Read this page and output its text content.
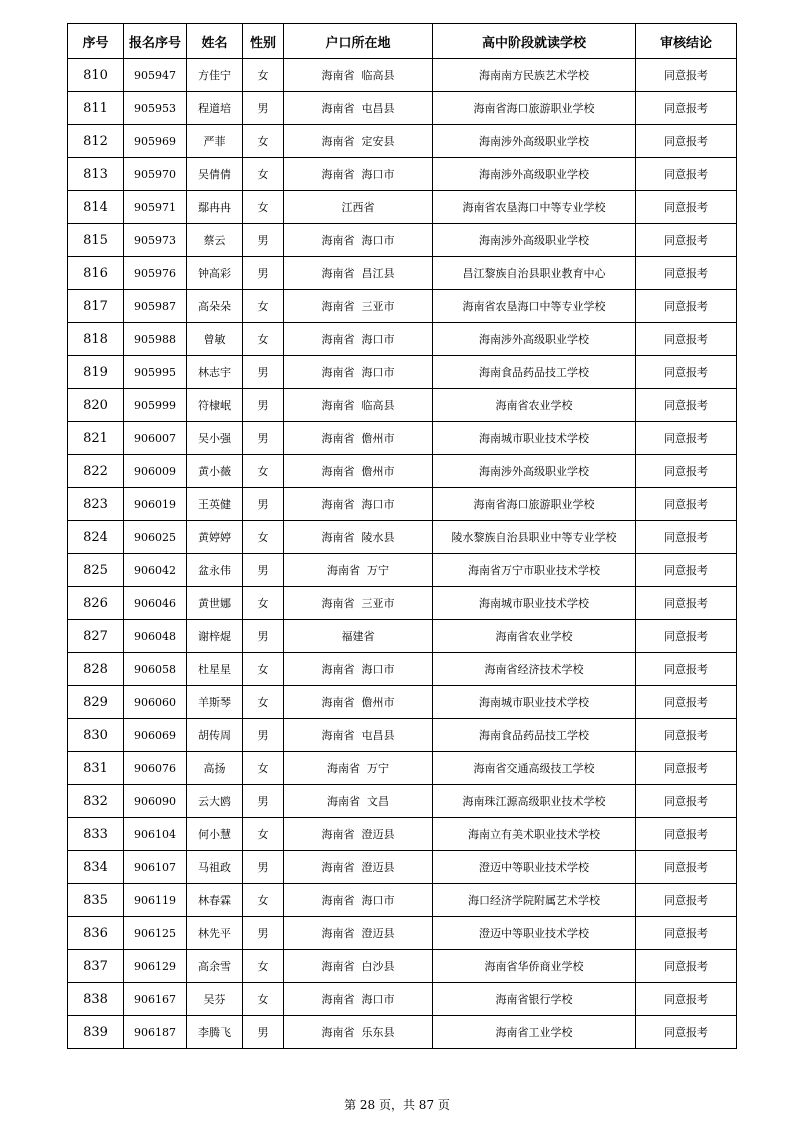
序号	报名序号	姓名	性别	户口所在地	高中阶段就读学校	审核结论
810	905947	方佳宁	女	海南省  临高县	海南南方民族艺术学校	同意报考
811	905953	程道培	男	海南省  屯昌县	海南省海口旅游职业学校	同意报考
812	905969	严菲	女	海南省  定安县	海南涉外高级职业学校	同意报考
813	905970	吴倩倩	女	海南省  海口市	海南涉外高级职业学校	同意报考
814	905971	鄢冉冉	女	江西省	海南省农垦海口中等专业学校	同意报考
815	905973	蔡云	男	海南省  海口市	海南涉外高级职业学校	同意报考
816	905976	钟高彩	男	海南省  昌江县	昌江黎族自治县职业教育中心	同意报考
817	905987	高朵朵	女	海南省  三亚市	海南省农垦海口中等专业学校	同意报考
818	905988	曾敏	女	海南省  海口市	海南涉外高级职业学校	同意报考
819	905995	林志宇	男	海南省  海口市	海南食品药品技工学校	同意报考
820	905999	符棣岷	男	海南省  临高县	海南省农业学校	同意报考
821	906007	吴小强	男	海南省  儋州市	海南城市职业技术学校	同意报考
822	906009	黄小薇	女	海南省  儋州市	海南涉外高级职业学校	同意报考
823	906019	王英健	男	海南省  海口市	海南省海口旅游职业学校	同意报考
824	906025	黄婷婷	女	海南省  陵水县	陵水黎族自治县职业中等专业学校	同意报考
825	906042	盆永伟	男	海南省  万宁	海南省万宁市职业技术学校	同意报考
826	906046	黄世娜	女	海南省  三亚市	海南城市职业技术学校	同意报考
827	906048	谢梓焜	男	福建省	海南省农业学校	同意报考
828	906058	杜星星	女	海南省  海口市	海南省经济技术学校	同意报考
829	906060	羊斯琴	女	海南省  儋州市	海南城市职业技术学校	同意报考
830	906069	胡传周	男	海南省  屯昌县	海南食品药品技工学校	同意报考
831	906076	高扬	女	海南省  万宁	海南省交通高级技工学校	同意报考
832	906090	云大鸥	男	海南省  文昌	海南珠江源高级职业技术学校	同意报考
833	906104	何小慧	女	海南省  澄迈县	海南立有美术职业技术学校	同意报考
834	906107	马祖政	男	海南省  澄迈县	澄迈中等职业技术学校	同意报考
835	906119	林春霖	女	海南省  海口市	海口经济学院附属艺术学校	同意报考
836	906125	林先平	男	海南省  澄迈县	澄迈中等职业技术学校	同意报考
837	906129	高余雪	女	海南省  白沙县	海南省华侨商业学校	同意报考
838	906167	吴芬	女	海南省  海口市	海南省银行学校	同意报考
839	906187	李腾飞	男	海南省  乐东县	海南省工业学校	同意报考
第 28 页，共 87 页
